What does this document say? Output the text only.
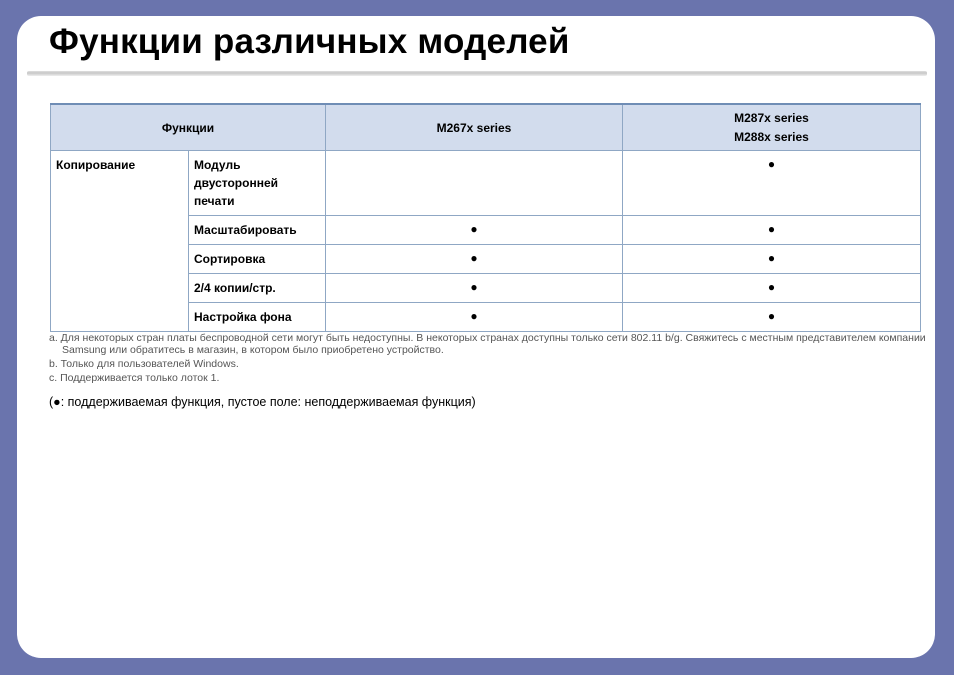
Функции различных моделей
Функции		M267x series	M287x series
M288x series

Копирование	Модуль двусторонней печати		●
	Масштабировать	●	●
	Сортировка	●	●
	2/4 копии/стр.	●	●
	Настройка фона	●	●

a. Для некоторых стран платы беспроводной сети могут быть недоступны. В некоторых странах доступны только сети 802.11 b/g. Свяжитесь с местным представителем компании Samsung или обратитесь в магазин, в котором было приобретено устройство.

b. Только для пользователей Windows.

c. Поддерживается только лоток 1.

(●: поддерживаемая функция, пустое поле: неподдерживаемая функция)
